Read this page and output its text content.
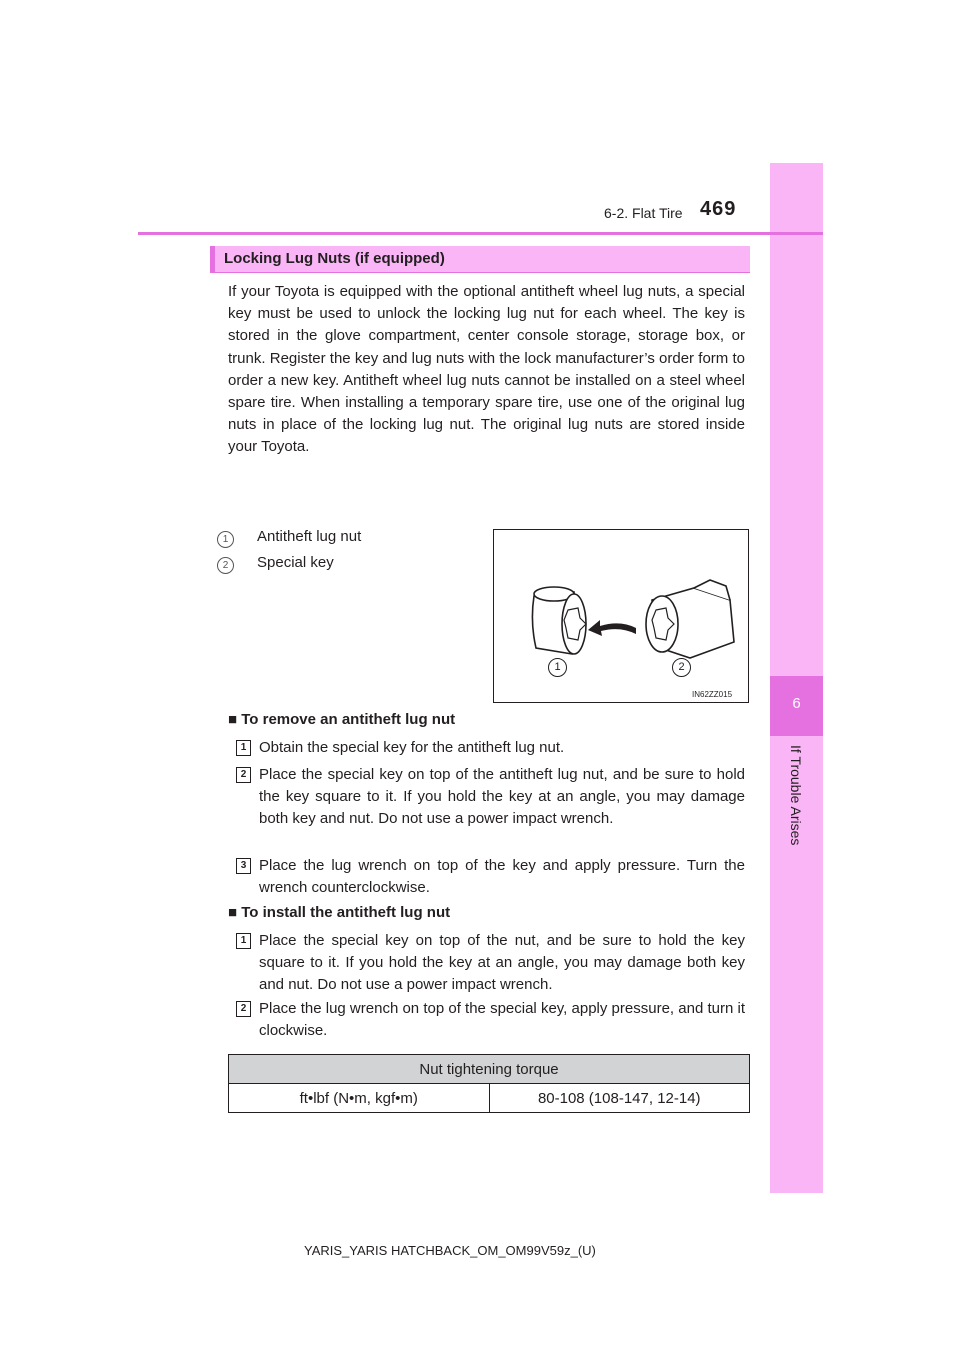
6
If Trouble Arises
6-2. Flat Tire 469
Locking Lug Nuts (if equipped)
If your Toyota is equipped with the optional antitheft wheel lug nuts, a special key must be used to unlock the locking lug nut for each wheel. The key is stored in the glove compartment, center console storage, storage box, or trunk. Register the key and lug nuts with the lock manufacturer’s order form to order a new key. Antitheft wheel lug nuts cannot be installed on a steel wheel spare tire. When installing a temporary spare tire, use one of the original lug nuts in place of the locking lug nut. The original lug nuts are stored inside your Toyota.
1	Antitheft lug nut
2	Special key
1	2
IN62ZZ015
■ To remove an antitheft lug nut
1 Obtain the special key for the antitheft lug nut.
2 Place the special key on top of the antitheft lug nut, and be sure to hold the key square to it. If you hold the key at an angle, you may damage both key and nut. Do not use a power impact wrench.
3 Place the lug wrench on top of the key and apply pressure. Turn the wrench counterclockwise.
■ To install the antitheft lug nut
1 Place the special key on top of the nut, and be sure to hold the key square to it. If you hold the key at an angle, you may damage both key and nut. Do not use a power impact wrench.
2 Place the lug wrench on top of the special key, apply pressure, and turn it clockwise.
Nut tightening torque
ft•lbf (N•m, kgf•m)	80-108 (108-147, 12-14)
YARIS_YARIS HATCHBACK_OM_OM99V59z_(U)
